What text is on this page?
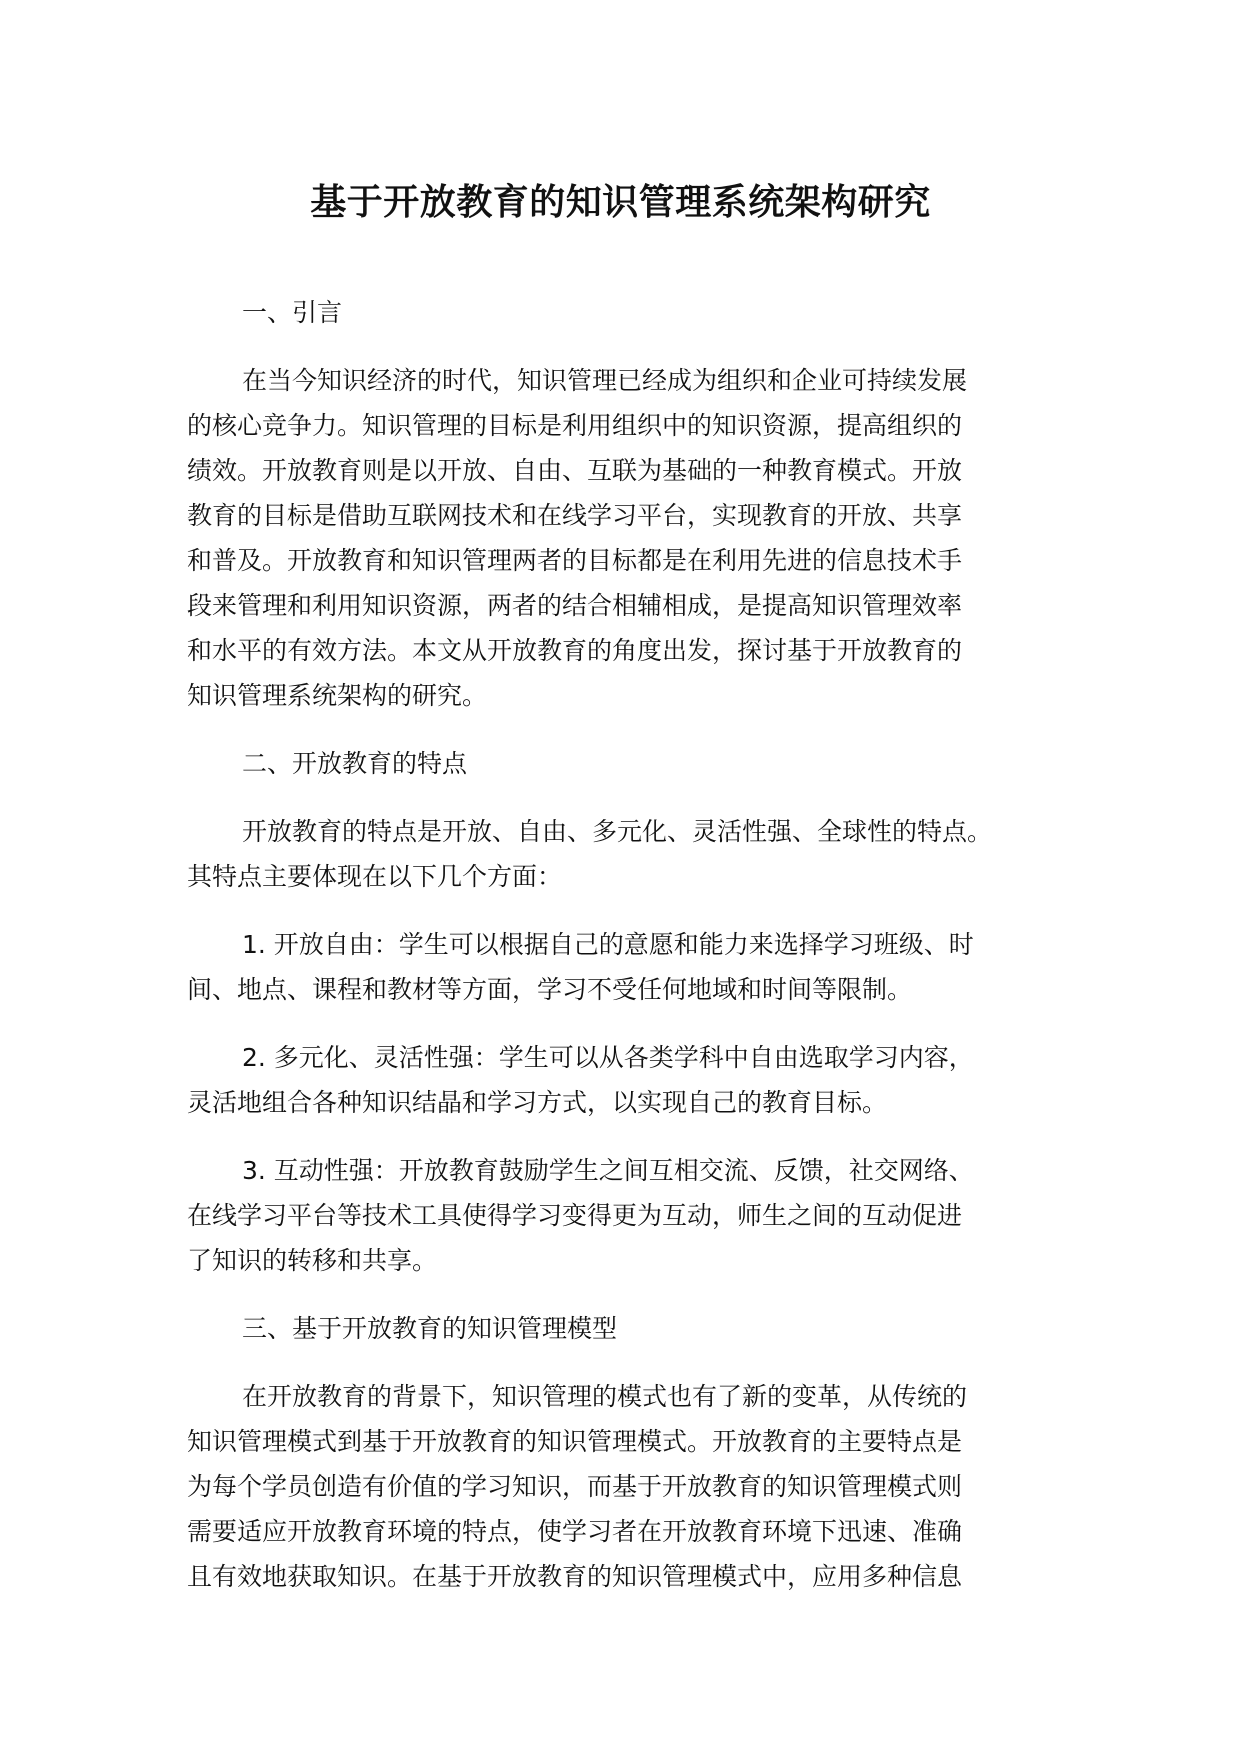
基于开放教育的知识管理系统架构研究
一、引言
在当今知识经济的时代，知识管理已经成为组织和企业可持续发展
的核心竞争力。知识管理的目标是利用组织中的知识资源，提高组织的
绩效。开放教育则是以开放、自由、互联为基础的一种教育模式。开放
教育的目标是借助互联网技术和在线学习平台，实现教育的开放、共享
和普及。开放教育和知识管理两者的目标都是在利用先进的信息技术手
段来管理和利用知识资源，两者的结合相辅相成，是提高知识管理效率
和水平的有效方法。本文从开放教育的角度出发，探讨基于开放教育的
知识管理系统架构的研究。
二、开放教育的特点
开放教育的特点是开放、自由、多元化、灵活性强、全球性的特点。
其特点主要体现在以下几个方面：
1. 开放自由：学生可以根据自己的意愿和能力来选择学习班级、时
间、地点、课程和教材等方面，学习不受任何地域和时间等限制。
2. 多元化、灵活性强：学生可以从各类学科中自由选取学习内容，
灵活地组合各种知识结晶和学习方式，以实现自己的教育目标。
3. 互动性强：开放教育鼓励学生之间互相交流、反馈，社交网络、
在线学习平台等技术工具使得学习变得更为互动，师生之间的互动促进
了知识的转移和共享。
三、基于开放教育的知识管理模型
在开放教育的背景下，知识管理的模式也有了新的变革，从传统的
知识管理模式到基于开放教育的知识管理模式。开放教育的主要特点是
为每个学员创造有价值的学习知识，而基于开放教育的知识管理模式则
需要适应开放教育环境的特点，使学习者在开放教育环境下迅速、准确
且有效地获取知识。在基于开放教育的知识管理模式中，应用多种信息
